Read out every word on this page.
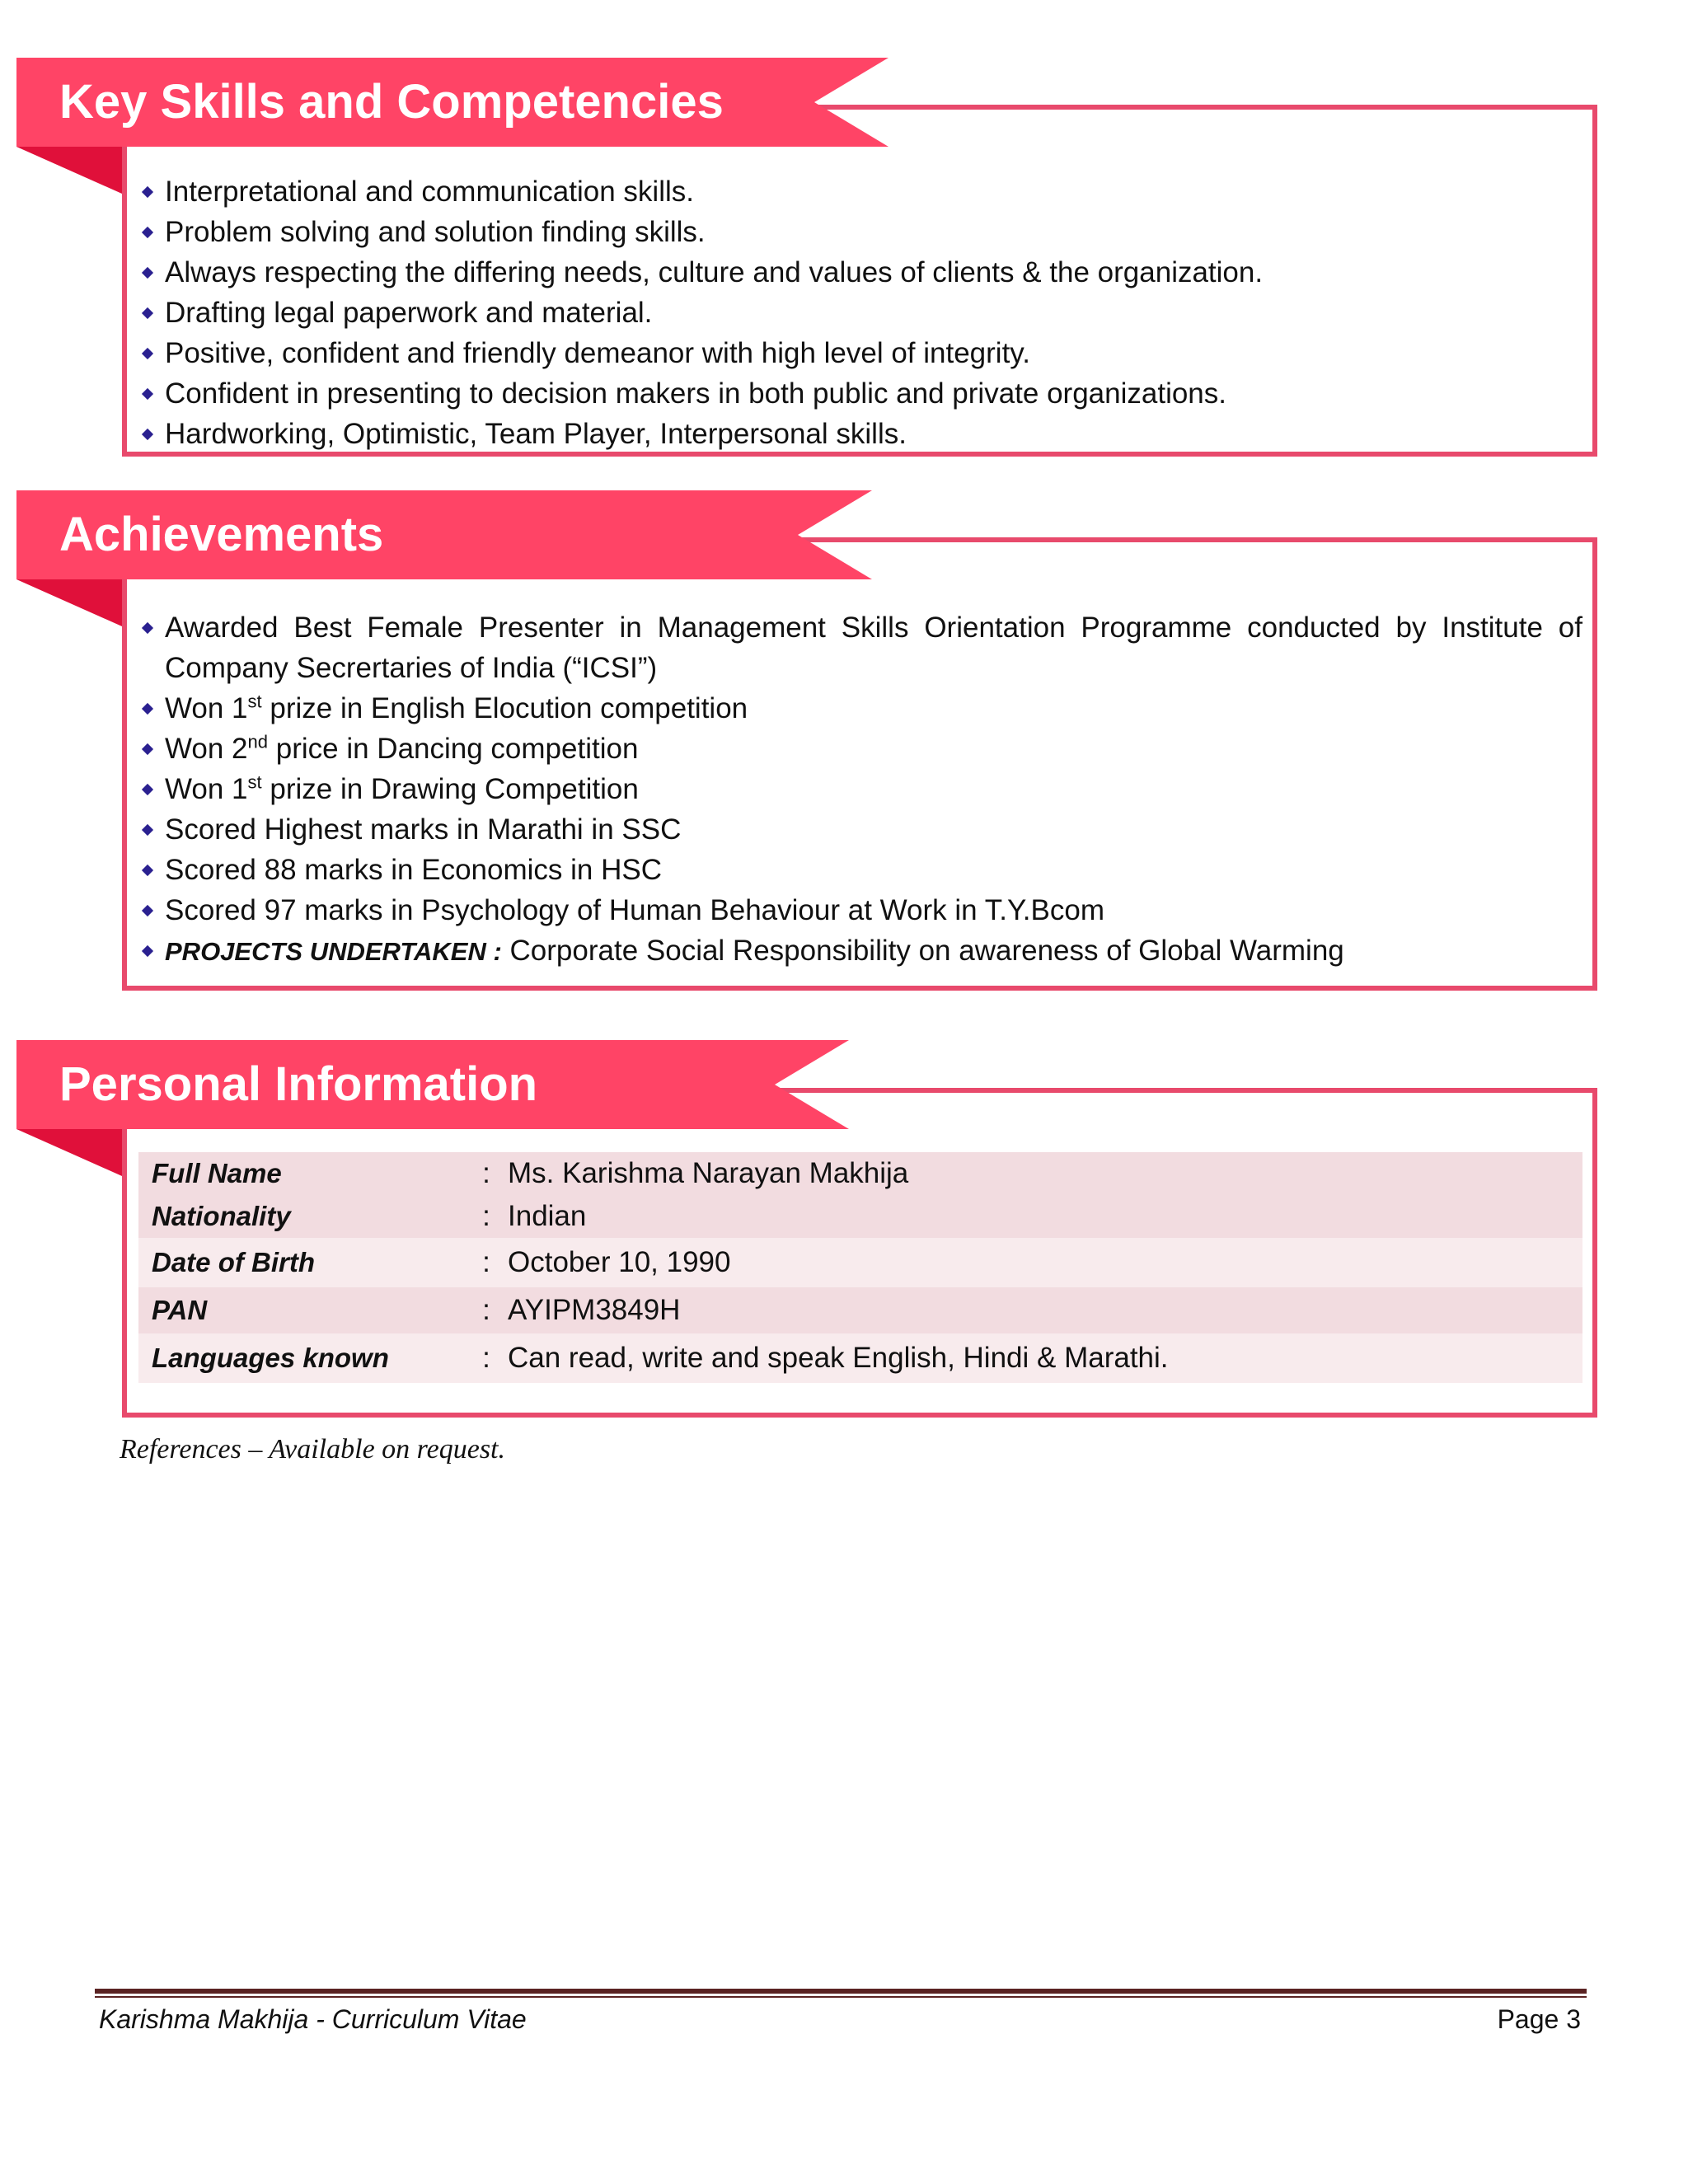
Key Skills and Competencies
Interpretational and communication skills.
Problem solving and solution finding skills.
Always respecting the differing needs, culture and values of clients & the organization.
Drafting legal paperwork and material.
Positive, confident and friendly demeanor with high level of integrity.
Confident in presenting to decision makers in both public and private organizations.
Hardworking, Optimistic, Team Player, Interpersonal skills.
Achievements
Awarded Best Female Presenter in Management Skills Orientation Programme conducted by Institute of Company Secrertaries of India (“ICSI”)
Won 1st prize in English Elocution competition
Won 2nd price in Dancing competition
Won 1st prize in Drawing Competition
Scored Highest marks in Marathi in SSC
Scored 88 marks in Economics in HSC
Scored 97 marks in Psychology of Human Behaviour at Work in T.Y.Bcom
PROJECTS UNDERTAKEN : Corporate Social Responsibility on awareness of Global Warming
Personal Information
Full Name	:	Ms. Karishma Narayan Makhija
Nationality	:	Indian
Date of Birth	:	October 10, 1990
PAN	:	AYIPM3849H
Languages known	:	Can read, write and speak English, Hindi & Marathi.
References – Available on request.
Karishma Makhija - Curriculum Vitae	Page 3
